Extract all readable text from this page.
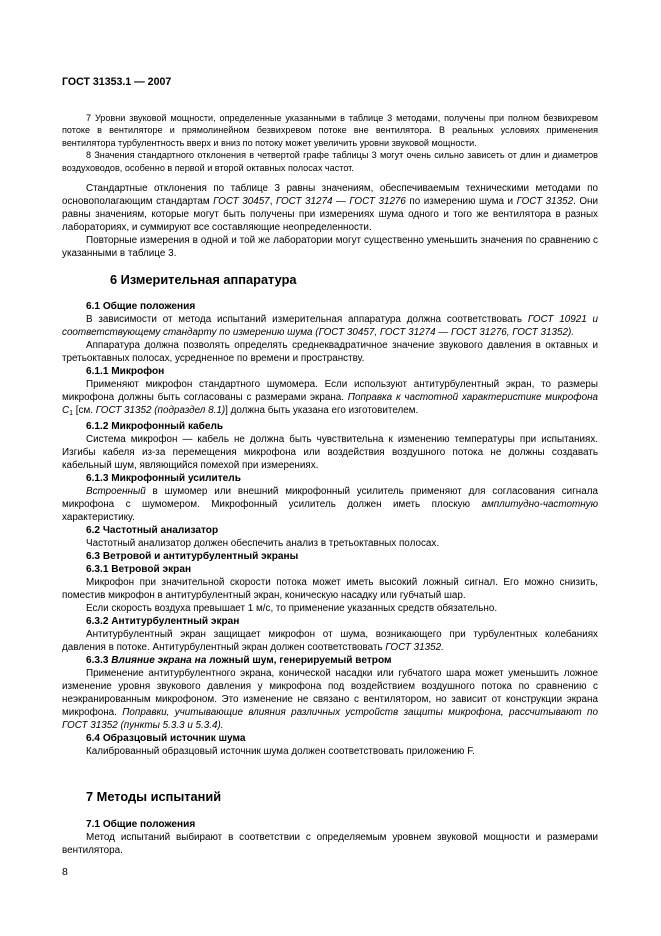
ГОСТ 31353.1 — 2007

7 Уровни звуковой мощности, определенные указанными в таблице 3 методами, получены при полном безвихревом потоке в вентиляторе и прямолинейном безвихревом потоке вне вентилятора. В реальных условиях применения вентилятора турбулентность вверх и вниз по потоку может увеличить уровни звуковой мощности.

8 Значения стандартного отклонения в четвертой графе таблицы 3 могут очень сильно зависеть от длин и диаметров воздуховодов, особенно в первой и второй октавных полосах частот.

Стандартные отклонения по таблице 3 равны значениям, обеспечиваемым техническими методами по основополагающим стандартам ГОСТ 30457, ГОСТ 31274 — ГОСТ 31276 по измерению шума и ГОСТ 31352. Они равны значениям, которые могут быть получены при измерениях шума одного и того же вентилятора в разных лабораториях, и суммируют все составляющие неопределенности.

Повторные измерения в одной и той же лаборатории могут существенно уменьшить значения по сравнению с указанными в таблице 3.

6 Измерительная аппаратура
6.1 Общие положения

В зависимости от метода испытаний измерительная аппаратура должна соответствовать ГОСТ 10921 и соответствующему стандарту по измерению шума (ГОСТ 30457, ГОСТ 31274 — ГОСТ 31276, ГОСТ 31352).

Аппаратура должна позволять определять среднеквадратичное значение звукового давления в октавных и третьоктавных полосах, усредненное по времени и пространству.

6.1.1 Микрофон

Применяют микрофон стандартного шумомера. Если используют антитурбулентный экран, то размеры микрофона должны быть согласованы с размерами экрана. Поправка к частотной характеристике микрофона $C_1$ [см. ГОСТ 31352 (подраздел 8.1)] должна быть указана его изготовителем.

6.1.2 Микрофонный кабель

Система микрофон — кабель не должна быть чувствительна к изменению температуры при испытаниях. Изгибы кабеля из-за перемещения микрофона или воздействия воздушного потока не должны создавать кабельный шум, являющийся помехой при измерениях.

6.1.3 Микрофонный усилитель

Встроенный в шумомер или внешний микрофонный усилитель применяют для согласования сигнала микрофона с шумомером. Микрофонный усилитель должен иметь плоскую амплитудно-частотную характеристику.

6.2 Частотный анализатор

Частотный анализатор должен обеспечить анализ в третьоктавных полосах.

6.3 Ветровой и антитурбулентный экраны
6.3.1 Ветровой экран

Микрофон при значительной скорости потока может иметь высокий ложный сигнал. Его можно снизить, поместив микрофон в антитурбулентный экран, коническую насадку или губчатый шар.

Если скорость воздуха превышает 1 м/с, то применение указанных средств обязательно.

6.3.2 Антитурбулентный экран

Антитурбулентный экран защищает микрофон от шума, возникающего при турбулентных колебаниях давления в потоке. Антитурбулентный экран должен соответствовать ГОСТ 31352.

6.3.3 Влияние экрана на ложный шум, генерируемый ветром

Применение антитурбулентного экрана, конической насадки или губчатого шара может уменьшить ложное изменение уровня звукового давления у микрофона под воздействием воздушного потока по сравнению с неэкранированным микрофоном. Это изменение не связано с вентилятором, но зависит от конструкции экрана микрофона. Поправки, учитывающие влияния различных устройств защиты микрофона, рассчитывают по ГОСТ 31352 (пункты 5.3.3 и 5.3.4).

6.4 Образцовый источник шума

Калиброванный образцовый источник шума должен соответствовать приложению F.

7 Методы испытаний
7.1 Общие положения

Метод испытаний выбирают в соответствии с определяемым уровнем звуковой мощности и размерами вентилятора.

8
